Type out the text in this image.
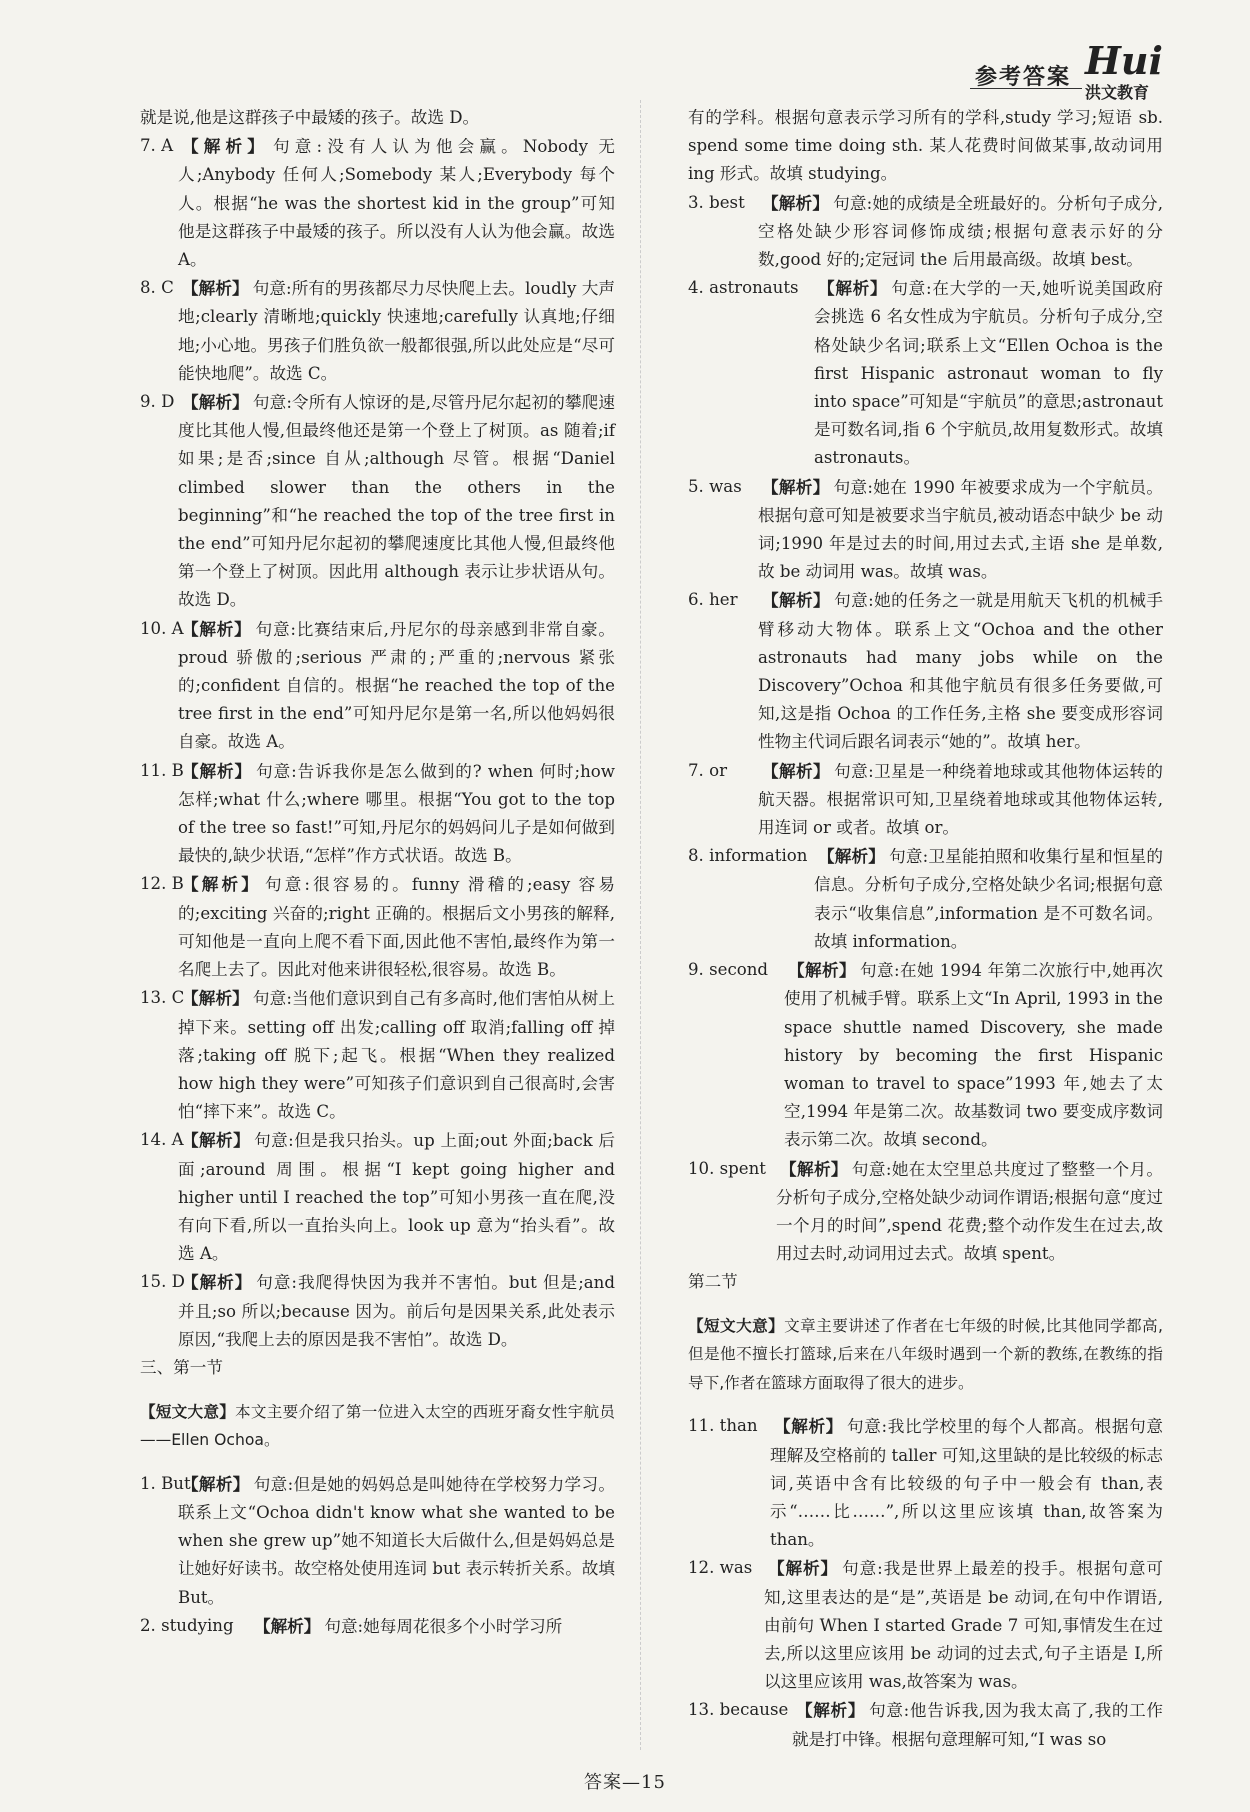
参考答案 Hui
洪文教育

就是说,他是这群孩子中最矮的孩子。故选 D。

7. A 【解析】 句意:没有人认为他会赢。Nobody 无人;Anybody 任何人;Somebody 某人;Everybody 每个人。根据“he was the shortest kid in the group”可知他是这群孩子中最矮的孩子。所以没有人认为他会赢。故选 A。
8. C 【解析】 句意:所有的男孩都尽力尽快爬上去。loudly 大声地;clearly 清晰地;quickly 快速地;carefully 认真地;仔细地;小心地。男孩子们胜负欲一般都很强,所以此处应是“尽可能快地爬”。故选 C。
9. D 【解析】 句意:令所有人惊讶的是,尽管丹尼尔起初的攀爬速度比其他人慢,但最终他还是第一个登上了树顶。as 随着;if 如果;是否;since 自从;although 尽管。根据“Daniel climbed slower than the others in the beginning”和“he reached the top of the tree first in the end”可知丹尼尔起初的攀爬速度比其他人慢,但最终他第一个登上了树顶。因此用 although 表示让步状语从句。故选 D。
10. A
【解析】 句意:比赛结束后,丹尼尔的母亲感到非常自豪。proud 骄傲的;serious 严肃的;严重的;nervous 紧张的;confident 自信的。根据“he reached the top of the tree first in the end”可知丹尼尔是第一名,所以他妈妈很自豪。故选 A。
11. B
【解析】 句意:告诉我你是怎么做到的? when 何时;how 怎样;what 什么;where 哪里。根据“You got to the top of the tree so fast!”可知,丹尼尔的妈妈问儿子是如何做到最快的,缺少状语,“怎样”作方式状语。故选 B。
12. B
【解析】 句意:很容易的。funny 滑稽的;easy 容易的;exciting 兴奋的;right 正确的。根据后文小男孩的解释,可知他是一直向上爬不看下面,因此他不害怕,最终作为第一名爬上去了。因此对他来讲很轻松,很容易。故选 B。
13. C
【解析】 句意:当他们意识到自己有多高时,他们害怕从树上掉下来。setting off 出发;calling off 取消;falling off 掉落;taking off 脱下;起飞。根据“When they realized how high they were”可知孩子们意识到自己很高时,会害怕“摔下来”。故选 C。
14. A
【解析】 句意:但是我只抬头。up 上面;out 外面;back 后面;around 周围。根据“I kept going higher and higher until I reached the top”可知小男孩一直在爬,没有向下看,所以一直抬头向上。look up 意为“抬头看”。故选 A。
15. D
【解析】 句意:我爬得快因为我并不害怕。but 但是;and 并且;so 所以;because 因为。前后句是因果关系,此处表示原因,“我爬上去的原因是我不害怕”。故选 D。

三、第一节

【短文大意】本文主要介绍了第一位进入太空的西班牙裔女性宇航员——Ellen Ochoa。

1. But
【解析】 句意:但是她的妈妈总是叫她待在学校努力学习。联系上文“Ochoa didn't know what she wanted to be when she grew up”她不知道长大后做什么,但是妈妈总是让她好好读书。故空格处使用连词 but 表示转折关系。故填 But。
2. studying 【解析】 句意:她每周花很多个小时学习所

有的学科。根据句意表示学习所有的学科,study 学习;短语 sb. spend some time doing sth. 某人花费时间做某事,故动词用 ing 形式。故填 studying。

3. best 【解析】 句意:她的成绩是全班最好的。分析句子成分,空格处缺少形容词修饰成绩;根据句意表示好的分数,good 好的;定冠词 the 后用最高级。故填 best。
4. astronauts 【解析】 句意:在大学的一天,她听说美国政府会挑选 6 名女性成为宇航员。分析句子成分,空格处缺少名词;联系上文“Ellen Ochoa is the first Hispanic astronaut woman to fly into space”可知是“宇航员”的意思;astronaut 是可数名词,指 6 个宇航员,故用复数形式。故填 astronauts。
5. was 【解析】 句意:她在 1990 年被要求成为一个宇航员。根据句意可知是被要求当宇航员,被动语态中缺少 be 动词;1990 年是过去的时间,用过去式,主语 she 是单数,故 be 动词用 was。故填 was。
6. her 【解析】 句意:她的任务之一就是用航天飞机的机械手臂移动大物体。联系上文“Ochoa and the other astronauts had many jobs while on the Discovery”Ochoa 和其他宇航员有很多任务要做,可知,这是指 Ochoa 的工作任务,主格 she 要变成形容词性物主代词后跟名词表示“她的”。故填 her。
7. or 【解析】 句意:卫星是一种绕着地球或其他物体运转的航天器。根据常识可知,卫星绕着地球或其他物体运转,用连词 or 或者。故填 or。
8. information 【解析】 句意:卫星能拍照和收集行星和恒星的信息。分析句子成分,空格处缺少名词;根据句意表示“收集信息”,information 是不可数名词。故填 information。
9. second 【解析】 句意:在她 1994 年第二次旅行中,她再次使用了机械手臂。联系上文“In April, 1993 in the space shuttle named Discovery, she made history by becoming the first Hispanic woman to travel to space”1993 年,她去了太空,1994 年是第二次。故基数词 two 要变成序数词表示第二次。故填 second。
10. spent 【解析】 句意:她在太空里总共度过了整整一个月。分析句子成分,空格处缺少动词作谓语;根据句意“度过一个月的时间”,spend 花费;整个动作发生在过去,故用过去时,动词用过去式。故填 spent。

第二节

【短文大意】文章主要讲述了作者在七年级的时候,比其他同学都高,但是他不擅长打篮球,后来在八年级时遇到一个新的教练,在教练的指导下,作者在篮球方面取得了很大的进步。

11. than 【解析】 句意:我比学校里的每个人都高。根据句意理解及空格前的 taller 可知,这里缺的是比较级的标志词,英语中含有比较级的句子中一般会有 than,表示“……比……”,所以这里应该填 than,故答案为 than。
12. was 【解析】 句意:我是世界上最差的投手。根据句意可知,这里表达的是“是”,英语是 be 动词,在句中作谓语,由前句 When I started Grade 7 可知,事情发生在过去,所以这里应该用 be 动词的过去式,句子主语是 I,所以这里应该用 was,故答案为 was。
13. because 【解析】 句意:他告诉我,因为我太高了,我的工作就是打中锋。根据句意理解可知,“I was so
答案—15
